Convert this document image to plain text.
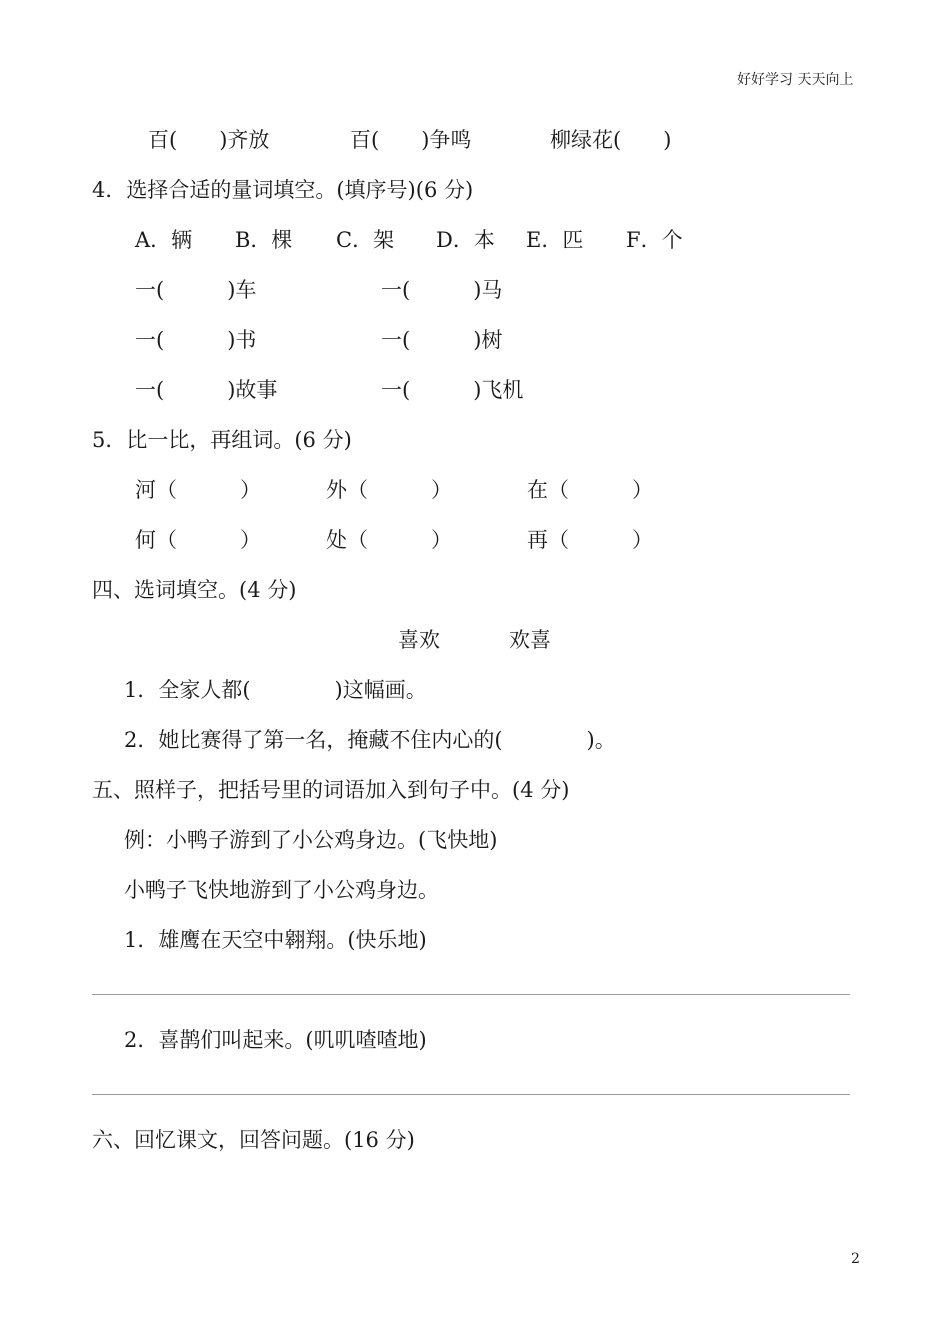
好好学习 天天向上
百(　　)齐放	百(　　)争鸣	柳绿花(　　)
4．选择合适的量词填空。(填序号)(6 分)
A．辆 B．棵 C．架 D．本 E．匹 F．个
一(　　　)车	一(　　　)马
一(　　　)书	一(　　　)树
一(　　　)故事	一(　　　)飞机
5．比一比，再组词。(6 分)
河（　　　）	外（　　　）	在（　　　）
何（　　　）	处（　　　）	再（　　　）
四、选词填空。(4 分)
喜欢	欢喜
1．全家人都(　　　　)这幅画。
2．她比赛得了第一名，掩藏不住内心的(　　　　)。
五、照样子，把括号里的词语加入到句子中。(4 分)
例：小鸭子游到了小公鸡身边。(飞快地)
小鸭子飞快地游到了小公鸡身边。
1．雄鹰在天空中翱翔。(快乐地)
2．喜鹊们叫起来。(叽叽喳喳地)
六、回忆课文，回答问题。(16 分)
2
